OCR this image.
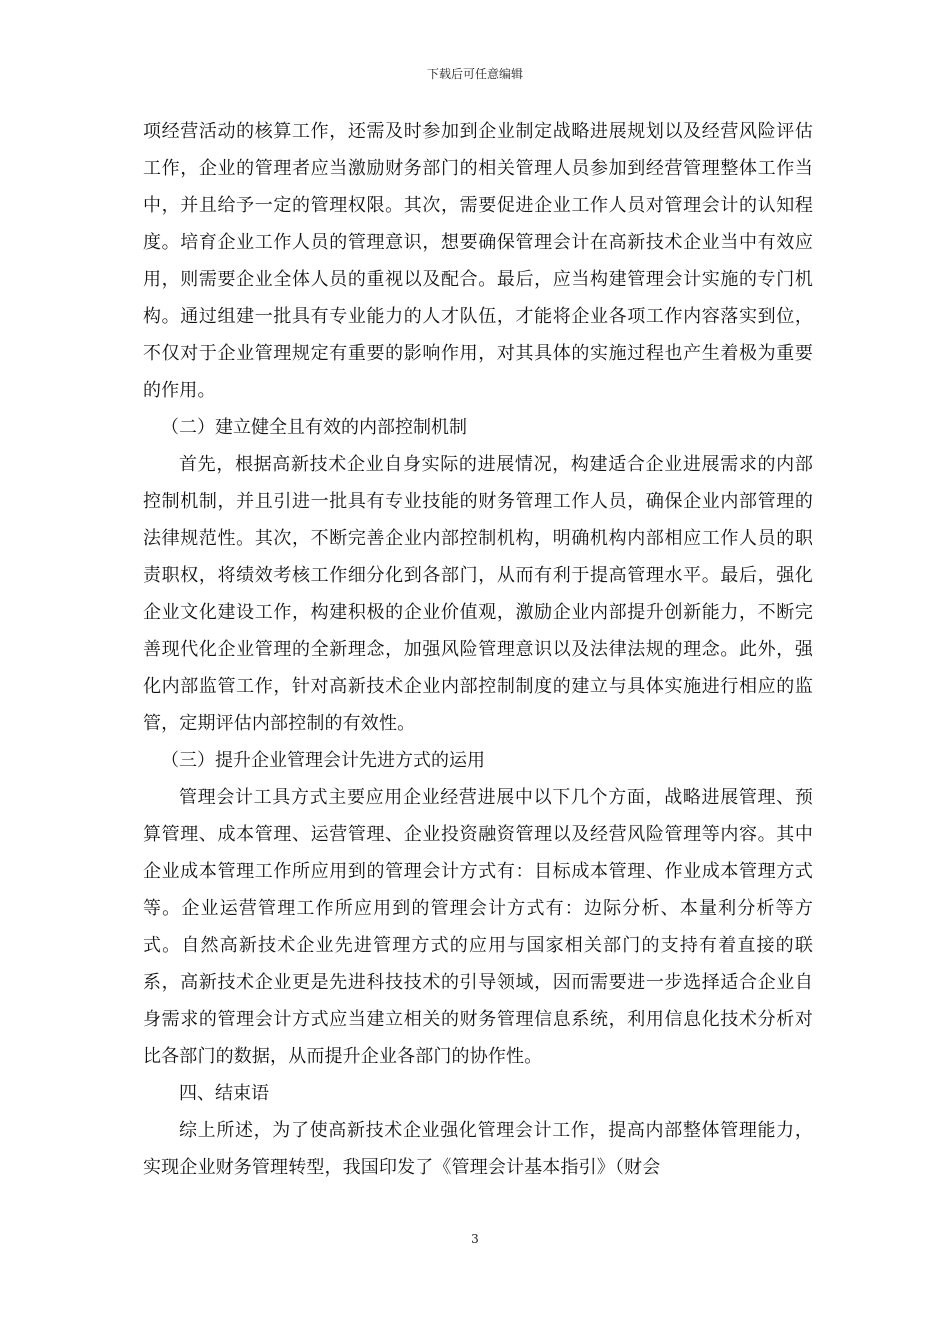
下载后可任意编辑

项经营活动的核算工作，还需及时参加到企业制定战略进展规划以及经营风险评估工作，企业的管理者应当激励财务部门的相关管理人员参加到经营管理整体工作当中，并且给予一定的管理权限。其次，需要促进企业工作人员对管理会计的认知程度。培育企业工作人员的管理意识，想要确保管理会计在高新技术企业当中有效应用，则需要企业全体人员的重视以及配合。最后，应当构建管理会计实施的专门机构。通过组建一批具有专业能力的人才队伍，才能将企业各项工作内容落实到位，不仅对于企业管理规定有重要的影响作用，对其具体的实施过程也产生着极为重要的作用。

（二）建立健全且有效的内部控制机制

首先，根据高新技术企业自身实际的进展情况，构建适合企业进展需求的内部控制机制，并且引进一批具有专业技能的财务管理工作人员，确保企业内部管理的法律规范性。其次，不断完善企业内部控制机构，明确机构内部相应工作人员的职责职权，将绩效考核工作细分化到各部门，从而有利于提高管理水平。最后，强化企业文化建设工作，构建积极的企业价值观，激励企业内部提升创新能力，不断完善现代化企业管理的全新理念，加强风险管理意识以及法律法规的理念。此外，强化内部监管工作，针对高新技术企业内部控制制度的建立与具体实施进行相应的监管，定期评估内部控制的有效性。

（三）提升企业管理会计先进方式的运用

管理会计工具方式主要应用企业经营进展中以下几个方面，战略进展管理、预算管理、成本管理、运营管理、企业投资融资管理以及经营风险管理等内容。其中企业成本管理工作所应用到的管理会计方式有：目标成本管理、作业成本管理方式等。企业运营管理工作所应用到的管理会计方式有：边际分析、本量利分析等方式。自然高新技术企业先进管理方式的应用与国家相关部门的支持有着直接的联系，高新技术企业更是先进科技技术的引导领域，因而需要进一步选择适合企业自身需求的管理会计方式应当建立相关的财务管理信息系统，利用信息化技术分析对比各部门的数据，从而提升企业各部门的协作性。

四、结束语

综上所述，为了使高新技术企业强化管理会计工作，提高内部整体管理能力，实现企业财务管理转型，我国印发了《管理会计基本指引》（财会

3
